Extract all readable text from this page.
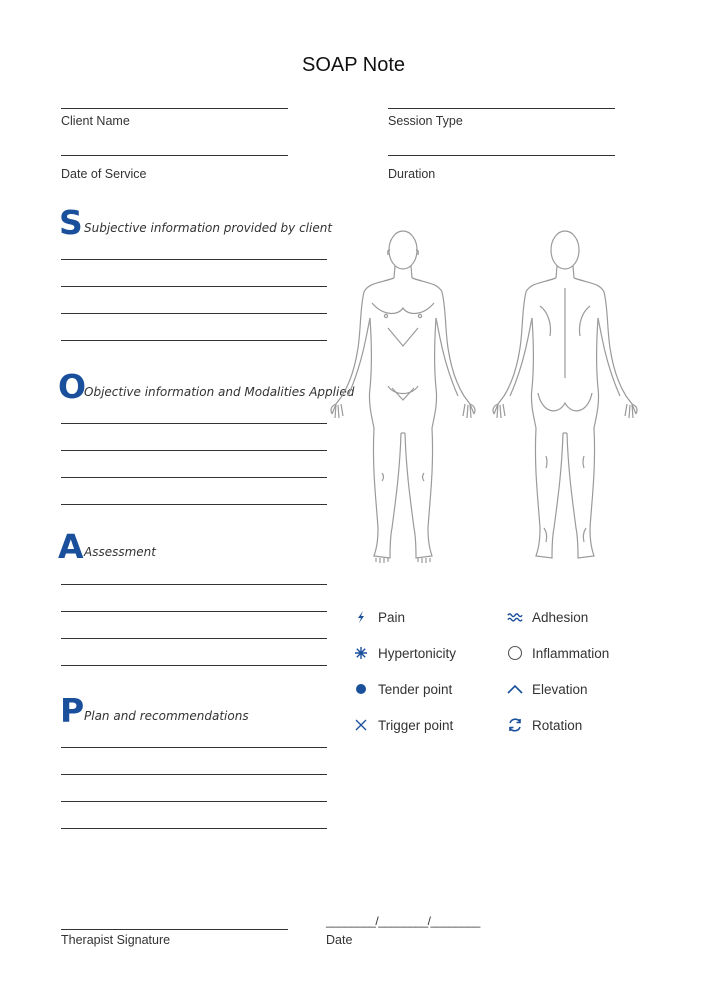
SOAP Note
Client Name	Session Type
Date of Service	Duration
S Subjective information provided by client
O
Objective information and Modalities Applied
A Assessment
P Plan and recommendations
Pain	Adhesion
Hypertonicity	Inflammation
Tender point	Elevation
Trigger point	Rotation
Therapist Signature
________/________/________
Date
